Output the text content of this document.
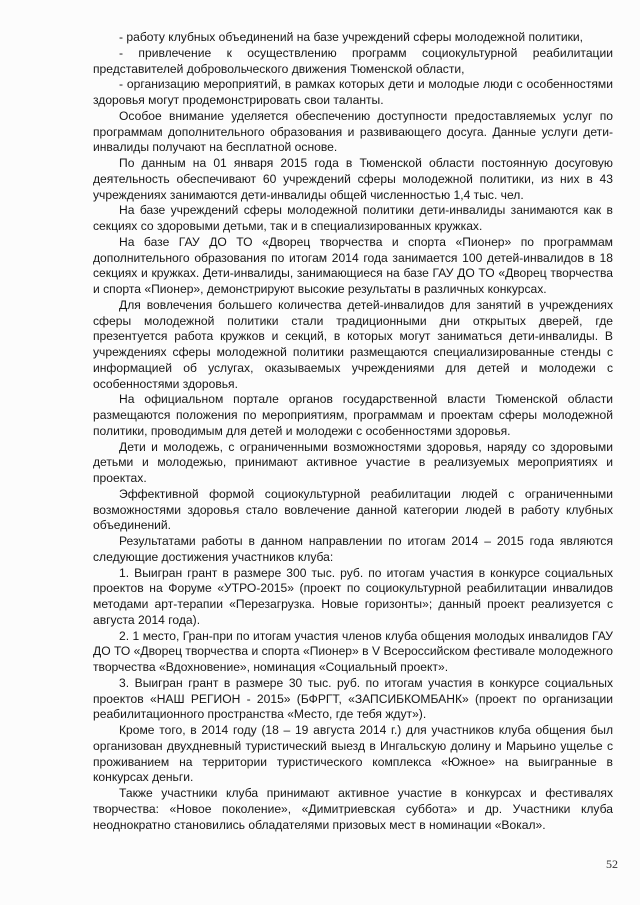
- работу клубных объединений на базе учреждений сферы молодежной политики,

- привлечение к осуществлению программ социокультурной реабилитации представителей добровольческого движения Тюменской области,

- организацию мероприятий, в рамках которых дети и молодые люди с особенностями здоровья могут продемонстрировать свои таланты.

Особое внимание уделяется обеспечению доступности предоставляемых услуг по программам дополнительного образования и развивающего досуга. Данные услуги дети-инвалиды получают на бесплатной основе.

По данным на 01 января 2015 года в Тюменской области постоянную досуговую деятельность обеспечивают 60 учреждений сферы молодежной политики, из них в 43 учреждениях занимаются дети-инвалиды общей численностью 1,4 тыс. чел.

На базе учреждений сферы молодежной политики дети-инвалиды занимаются как в секциях со здоровыми детьми, так и в специализированных кружках.

На базе ГАУ ДО ТО «Дворец творчества и спорта «Пионер» по программам дополнительного образования по итогам 2014 года занимается 100 детей-инвалидов в 18 секциях и кружках. Дети-инвалиды, занимающиеся на базе ГАУ ДО ТО «Дворец творчества и спорта «Пионер», демонстрируют высокие результаты в различных конкурсах.

Для вовлечения большего количества детей-инвалидов для занятий в учреждениях сферы молодежной политики стали традиционными дни открытых дверей, где презентуется работа кружков и секций, в которых могут заниматься дети-инвалиды. В учреждениях сферы молодежной политики размещаются специализированные стенды с информацией об услугах, оказываемых учреждениями для детей и молодежи с особенностями здоровья.

На официальном портале органов государственной власти Тюменской области размещаются положения по мероприятиям, программам и проектам сферы молодежной политики, проводимым для детей и молодежи с особенностями здоровья.

Дети и молодежь, с ограниченными возможностями здоровья, наряду со здоровыми детьми и молодежью, принимают активное участие в реализуемых мероприятиях и проектах.

Эффективной формой социокультурной реабилитации людей с ограниченными возможностями здоровья стало вовлечение данной категории людей в работу клубных объединений.

Результатами работы в данном направлении по итогам 2014 – 2015 года являются следующие достижения участников клуба:

1. Выигран грант в размере 300 тыс. руб. по итогам участия в конкурсе социальных проектов на Форуме «УТРО-2015» (проект по социокультурной реабилитации инвалидов методами арт-терапии «Перезагрузка. Новые горизонты»; данный проект реализуется с августа 2014 года).

2. 1 место, Гран-при по итогам участия членов клуба общения молодых инвалидов ГАУ ДО ТО «Дворец творчества и спорта «Пионер» в V Всероссийском фестивале молодежного творчества «Вдохновение», номинация «Социальный проект».

3. Выигран грант в размере 30 тыс. руб. по итогам участия в конкурсе социальных проектов «НАШ РЕГИОН - 2015» (БФРГТ, «ЗАПСИБКОМБАНК» (проект по организации реабилитационного пространства «Место, где тебя ждут»).

Кроме того, в 2014 году (18 – 19 августа 2014 г.) для участников клуба общения был организован двухдневный туристический выезд в Ингальскую долину и Марьино ущелье с проживанием на территории туристического комплекса «Южное» на выигранные в конкурсах деньги.

Также участники клуба принимают активное участие в конкурсах и фестивалях творчества: «Новое поколение», «Димитриевская суббота» и др. Участники клуба неоднократно становились обладателями призовых мест в номинации «Вокал».

52
